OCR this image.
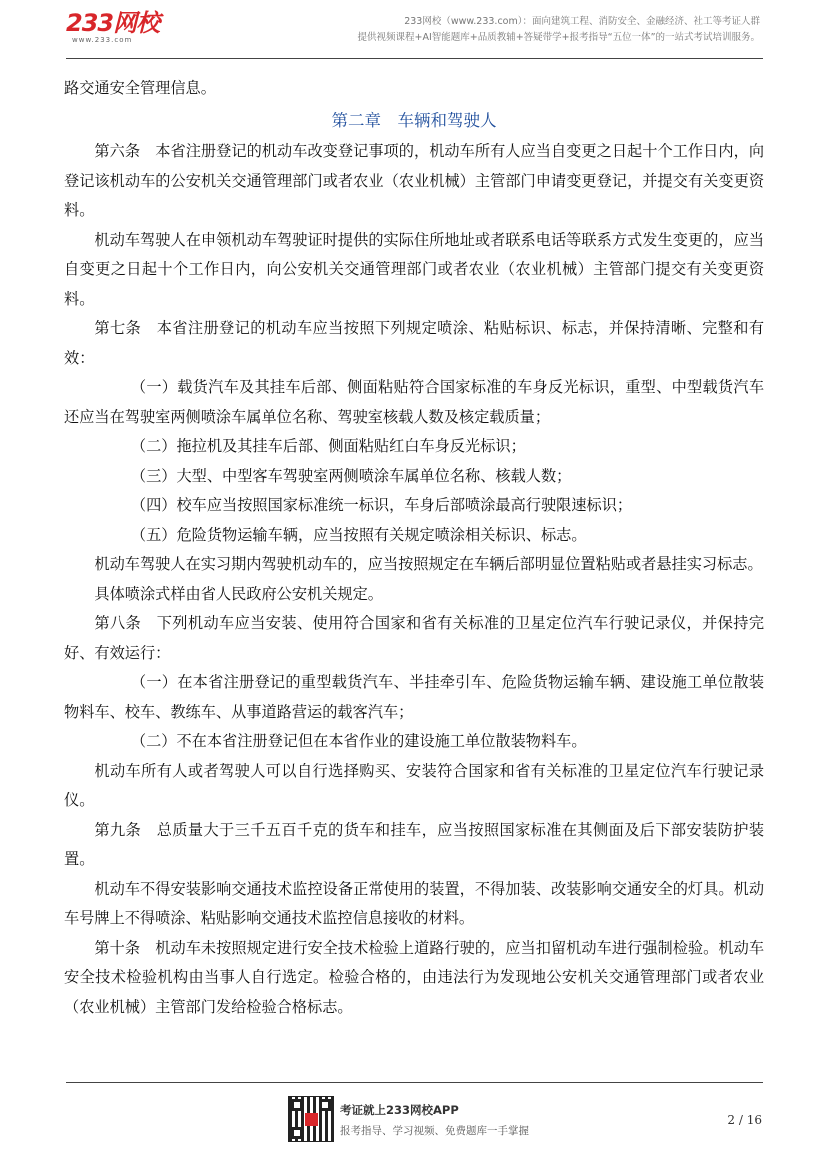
233网校
www.233.com
233网校（www.233.com）：面向建筑工程、消防安全、金融经济、社工等考证人群
提供视频课程+AI智能题库+品质教辅+答疑带学+报考指导“五位一体”的一站式考试培训服务。

路交通安全管理信息。

第二章　车辆和驾驶人

第六条　本省注册登记的机动车改变登记事项的，机动车所有人应当自变更之日起十个工作日内，向登记该机动车的公安机关交通管理部门或者农业（农业机械）主管部门申请变更登记，并提交有关变更资料。

机动车驾驶人在申领机动车驾驶证时提供的实际住所地址或者联系电话等联系方式发生变更的，应当自变更之日起十个工作日内，向公安机关交通管理部门或者农业（农业机械）主管部门提交有关变更资料。

第七条　本省注册登记的机动车应当按照下列规定喷涂、粘贴标识、标志，并保持清晰、完整和有效：

（一）载货汽车及其挂车后部、侧面粘贴符合国家标准的车身反光标识，重型、中型载货汽车还应当在驾驶室两侧喷涂车属单位名称、驾驶室核载人数及核定载质量；

（二）拖拉机及其挂车后部、侧面粘贴红白车身反光标识；

（三）大型、中型客车驾驶室两侧喷涂车属单位名称、核载人数；

（四）校车应当按照国家标准统一标识，车身后部喷涂最高行驶限速标识；

（五）危险货物运输车辆，应当按照有关规定喷涂相关标识、标志。

机动车驾驶人在实习期内驾驶机动车的，应当按照规定在车辆后部明显位置粘贴或者悬挂实习标志。

具体喷涂式样由省人民政府公安机关规定。

第八条　下列机动车应当安装、使用符合国家和省有关标准的卫星定位汽车行驶记录仪，并保持完好、有效运行：

（一）在本省注册登记的重型载货汽车、半挂牵引车、危险货物运输车辆、建设施工单位散装物料车、校车、教练车、从事道路营运的载客汽车；

（二）不在本省注册登记但在本省作业的建设施工单位散装物料车。

机动车所有人或者驾驶人可以自行选择购买、安装符合国家和省有关标准的卫星定位汽车行驶记录仪。

第九条　总质量大于三千五百千克的货车和挂车，应当按照国家标准在其侧面及后下部安装防护装置。

机动车不得安装影响交通技术监控设备正常使用的装置，不得加装、改装影响交通安全的灯具。机动车号牌上不得喷涂、粘贴影响交通技术监控信息接收的材料。

第十条　机动车未按照规定进行安全技术检验上道路行驶的，应当扣留机动车进行强制检验。机动车安全技术检验机构由当事人自行选定。检验合格的，由违法行为发现地公安机关交通管理部门或者农业（农业机械）主管部门发给检验合格标志。

考证就上233网校APP
报考指导、学习视频、免费题库一手掌握
2 / 16
